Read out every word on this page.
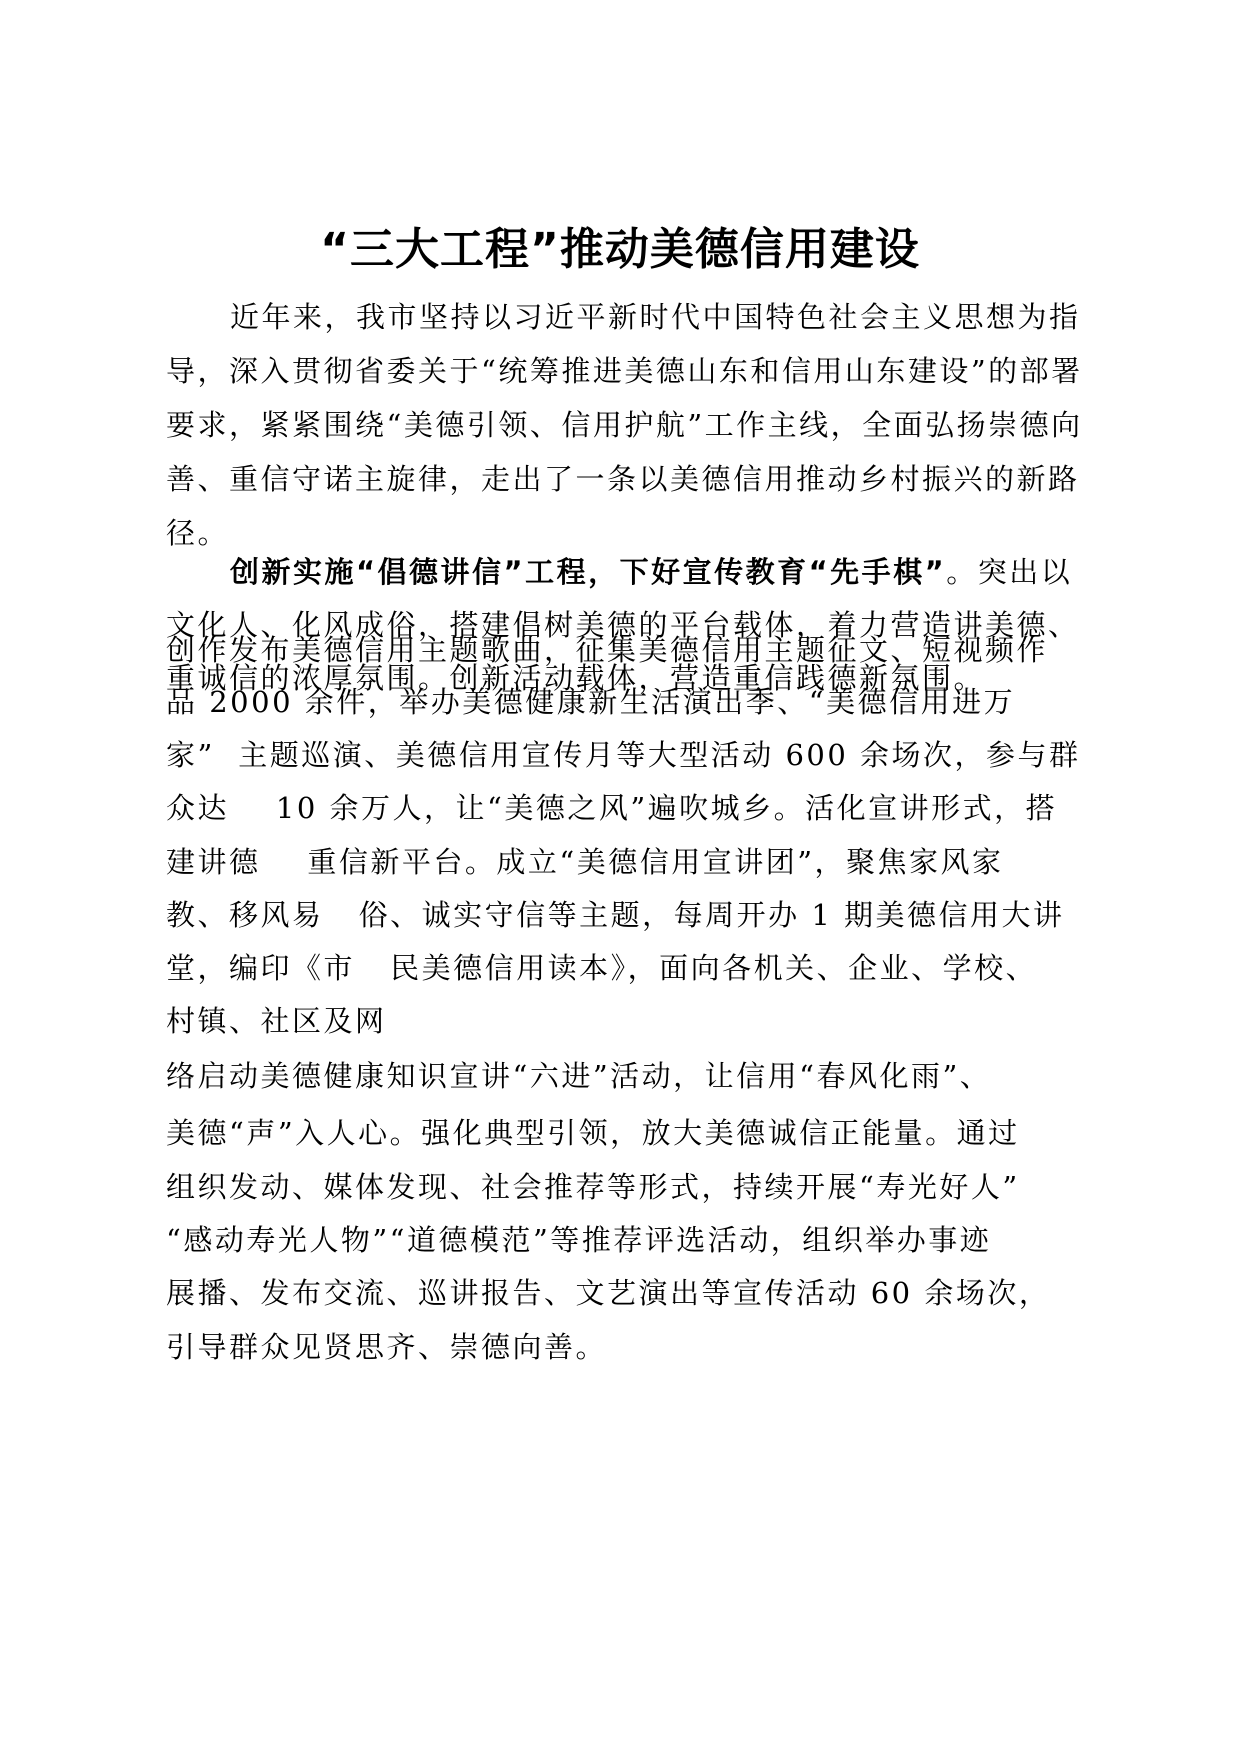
“三大工程”推动美德信用建设

近年来，我市坚持以习近平新时代中国特色社会主义思想为指导，深入贯彻省委关于“统筹推进美德山东和信用山东建设”的部署要求，紧紧围绕“美德引领、信用护航”工作主线，全面弘扬崇德向善、重信守诺主旋律，走出了一条以美德信用推动乡村振兴的新路径。

创新实施“倡德讲信”工程，下好宣传教育“先手棋”。突出以文化人、化风成俗，搭建倡树美德的平台载体，着力营造讲美德、重诚信的浓厚氛围。创新活动载体，营造重信践德新氛围。

创作发布美德信用主题歌曲，征集美德信用主题征文、短视频作

品 2000 余件，举办美德健康新生活演出季、“美德信用进万

家”  主题巡演、美德信用宣传月等大型活动 600 余场次，参与群

众达    10 余万人，让“美德之风”遍吹城乡。活化宣讲形式，搭

建讲德    重信新平台。成立“美德信用宣讲团”，聚焦家风家

教、移风易   俗、诚实守信等主题，每周开办 1 期美德信用大讲

堂，编印《市   民美德信用读本》，面向各机关、企业、学校、

村镇、社区及网

络启动美德健康知识宣讲“六进”活动，让信用“春风化雨”、

美德“声”入人心。强化典型引领，放大美德诚信正能量。通过

组织发动、媒体发现、社会推荐等形式，持续开展“寿光好人”

“感动寿光人物”“道德模范”等推荐评选活动，组织举办事迹

展播、发布交流、巡讲报告、文艺演出等宣传活动 60 余场次，

引导群众见贤思齐、崇德向善。
